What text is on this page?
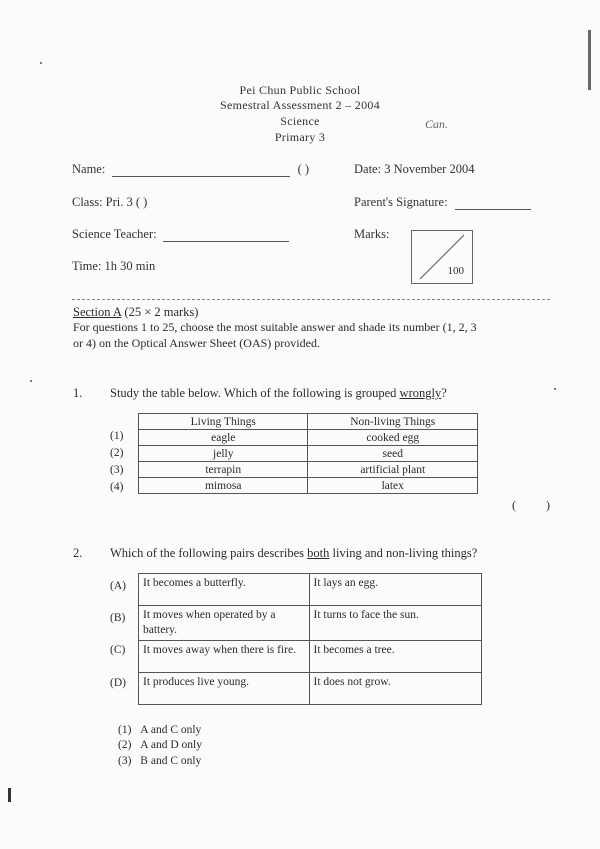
Pei Chun Public School
Semestral Assessment 2 – 2004
Science
Primary 3
Can.
Name:	( )	Date: 3 November 2004
Class: Pri. 3 ( )	Parent's Signature:
Science Teacher:	Marks:
100
Time: 1h 30 min
Section A (25 × 2 marks)
For questions 1 to 25, choose the most suitable answer and shade its number (1, 2, 3
or 4) on the Optical Answer Sheet (OAS) provided.
1. Study the table below. Which of the following is grouped wrongly?
(1)
(2)
(3)
(4)
Living Things	Non-living Things
eagle	cooked egg
jelly	seed
terrapin	artificial plant
mimosa	latex
(          )
2. Which of the following pairs describes both living and non-living things?
(A)
(B)
(C)
(D)
It becomes a butterfly.	It lays an egg.
It moves when operated by a battery.	It turns to face the sun.
It moves away when there is fire.	It becomes a tree.
It produces live young.	It does not grow.
(1) A and C only
(2) A and D only
(3) B and C only
